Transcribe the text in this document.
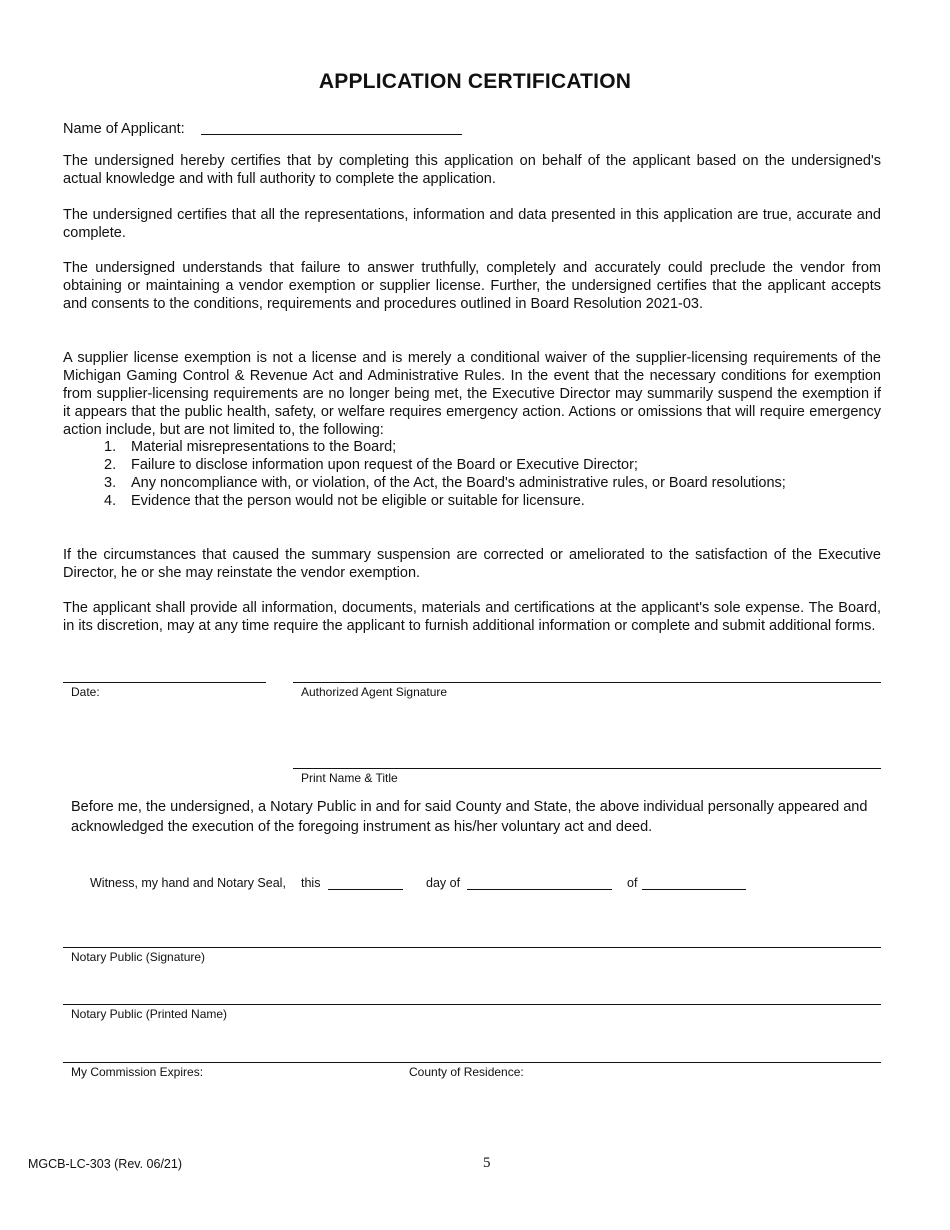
APPLICATION CERTIFICATION
Name of Applicant:
The undersigned hereby certifies that by completing this application on behalf of the applicant based on the undersigned's actual knowledge and with full authority to complete the application.
The undersigned certifies that all the representations, information and data presented in this application are true, accurate and complete.
The undersigned understands that failure to answer truthfully, completely and accurately could preclude the vendor from obtaining or maintaining a vendor exemption or supplier license. Further, the undersigned certifies that the applicant accepts and consents to the conditions, requirements and procedures outlined in Board Resolution 2021-03.
A supplier license exemption is not a license and is merely a conditional waiver of the supplier-licensing requirements of the Michigan Gaming Control & Revenue Act and Administrative Rules. In the event that the necessary conditions for exemption from supplier-licensing requirements are no longer being met, the Executive Director may summarily suspend the exemption if it appears that the public health, safety, or welfare requires emergency action. Actions or omissions that will require emergency action include, but are not limited to, the following:
1.	Material misrepresentations to the Board;
2.	Failure to disclose information upon request of the Board or Executive Director;
3.	Any noncompliance with, or violation, of the Act, the Board's administrative rules, or Board resolutions;
4.	Evidence that the person would not be eligible or suitable for licensure.
If the circumstances that caused the summary suspension are corrected or ameliorated to the satisfaction of the Executive Director, he or she may reinstate the vendor exemption.
The applicant shall provide all information, documents, materials and certifications at the applicant's sole expense. The Board, in its discretion, may at any time require the applicant to furnish additional information or complete and submit additional forms.
Date:	Authorized Agent Signature
Print Name & Title
Before me, the undersigned, a Notary Public in and for said County and State, the above individual personally appeared and acknowledged the execution of the foregoing instrument as his/her voluntary act and deed.
Witness, my hand and Notary Seal, this	day of	of
Notary Public (Signature)
Notary Public (Printed Name)
My Commission Expires:	County of Residence:
MGCB-LC-303 (Rev. 06/21)	5
